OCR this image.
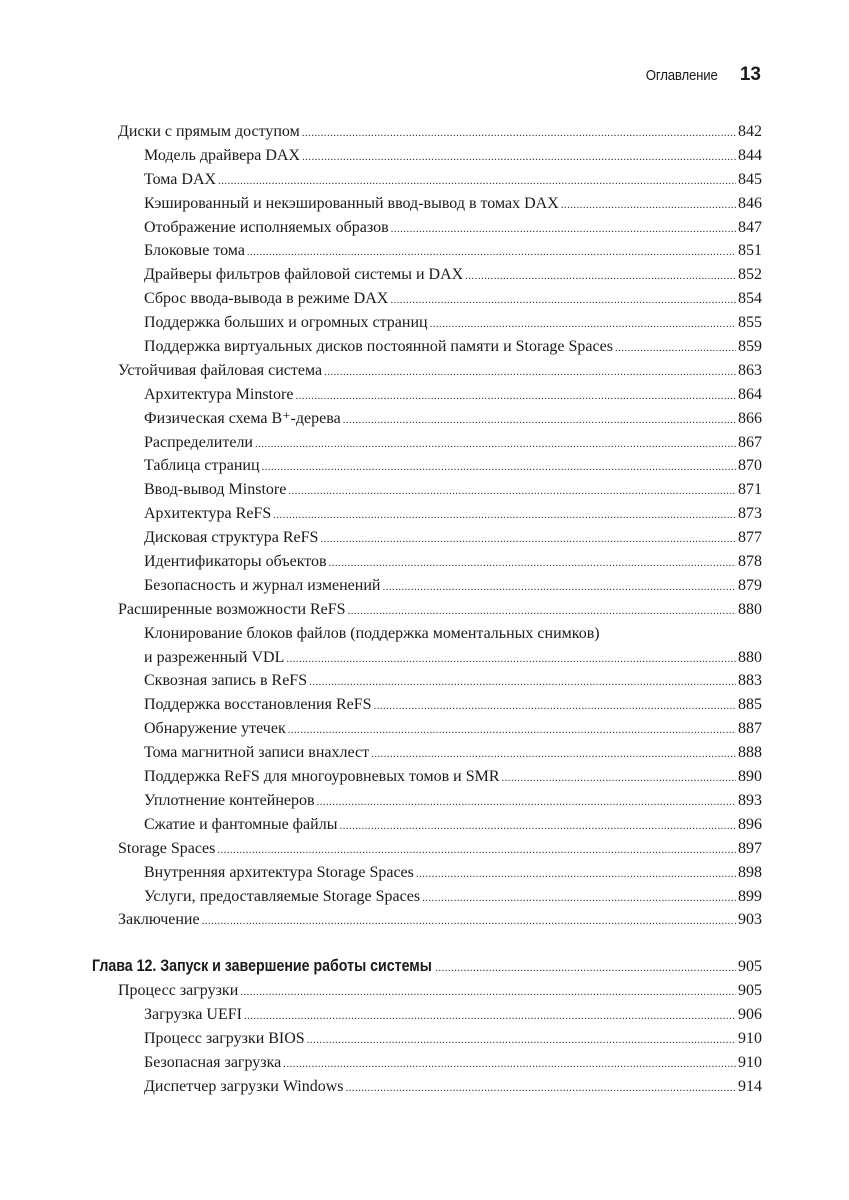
Оглавление 13
Диски с прямым доступом .....	842
Модель драйвера DAX .....	844
Тома DAX .....	845
Кэшированный и некэшированный ввод-вывод в томах DAX .....	846
Отображение исполняемых образов .....	847
Блоковые тома .....	851
Драйверы фильтров файловой системы и DAX .....	852
Сброс ввода-вывода в режиме DAX .....	854
Поддержка больших и огромных страниц .....	855
Поддержка виртуальных дисков постоянной памяти и Storage Spaces .....	859
Устойчивая файловая система .....	863
Архитектура Minstore .....	864
Физическая схема B⁺-дерева .....	866
Распределители .....	867
Таблица страниц .....	870
Ввод-вывод Minstore .....	871
Архитектура ReFS .....	873
Дисковая структура ReFS .....	877
Идентификаторы объектов .....	878
Безопасность и журнал изменений .....	879
Расширенные возможности ReFS .....	880
Клонирование блоков файлов (поддержка моментальных снимков)
и разреженный VDL .....	880
Сквозная запись в ReFS .....	883
Поддержка восстановления ReFS .....	885
Обнаружение утечек .....	887
Тома магнитной записи внахлест .....	888
Поддержка ReFS для многоуровневых томов и SMR .....	890
Уплотнение контейнеров .....	893
Сжатие и фантомные файлы .....	896
Storage Spaces .....	897
Внутренняя архитектура Storage Spaces .....	898
Услуги, предоставляемые Storage Spaces .....	899
Заключение .....	903
Глава 12. Запуск и завершение работы системы .....	905
Процесс загрузки .....	905
Загрузка UEFI .....	906
Процесс загрузки BIOS .....	910
Безопасная загрузка .....	910
Диспетчер загрузки Windows .....	914
